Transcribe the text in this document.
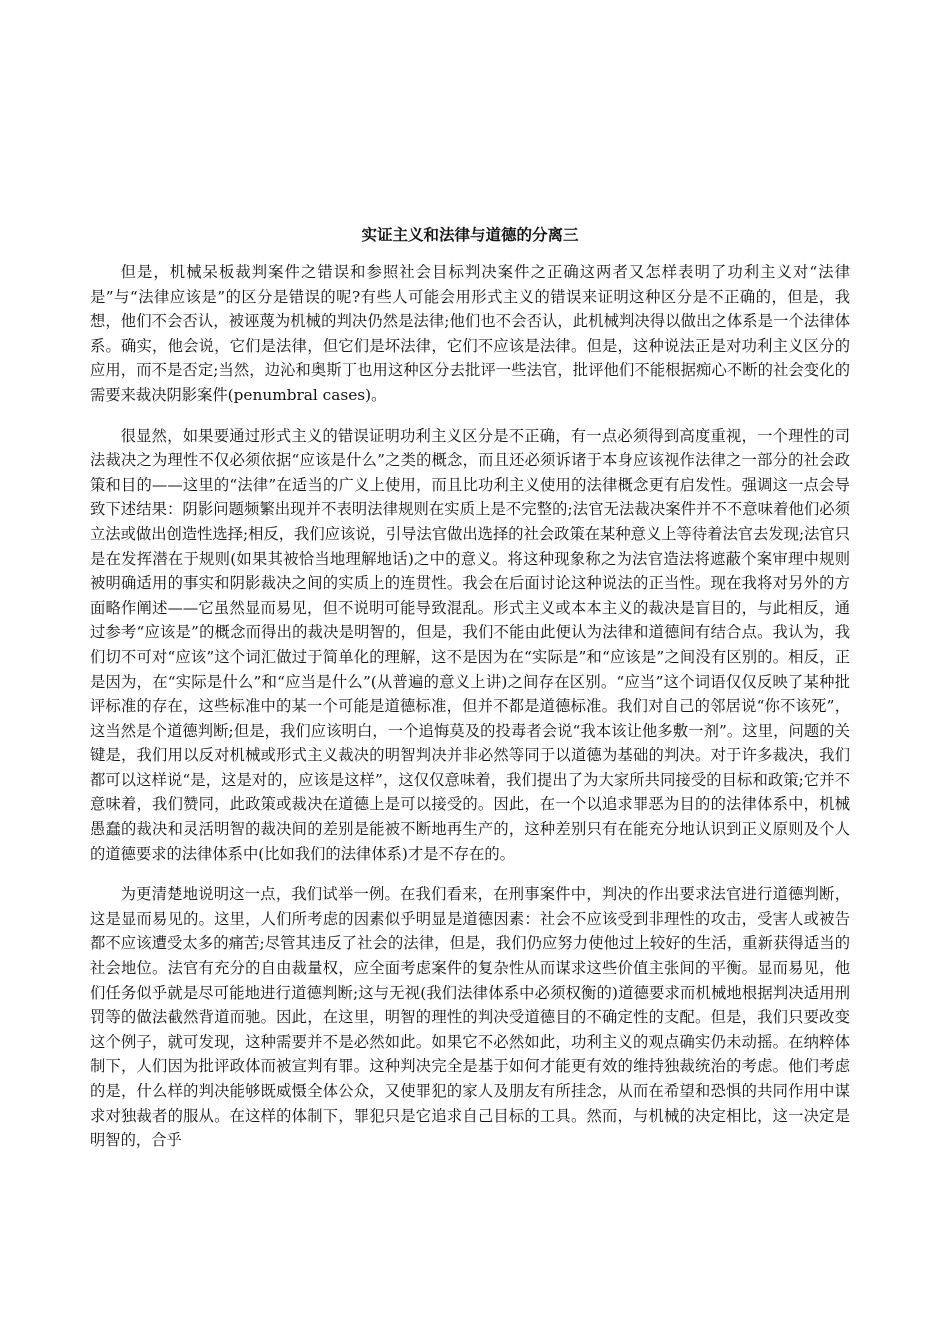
实证主义和法律与道德的分离三

但是，机械呆板裁判案件之错误和参照社会目标判决案件之正确这两者又怎样表明了功利主义对“法律是”与“法律应该是”的区分是错误的呢?有些人可能会用形式主义的错误来证明这种区分是不正确的，但是，我想，他们不会否认，被诬蔑为机械的判决仍然是法律;他们也不会否认，此机械判决得以做出之体系是一个法律体系。确实，他会说，它们是法律，但它们是坏法律，它们不应该是法律。但是，这种说法正是对功利主义区分的应用，而不是否定;当然，边沁和奥斯丁也用这种区分去批评一些法官，批评他们不能根据痴心不断的社会变化的需要来裁决阴影案件(penumbral cases)。

很显然，如果要通过形式主义的错误证明功利主义区分是不正确，有一点必须得到高度重视，一个理性的司法裁决之为理性不仅必须依据“应该是什么”之类的概念，而且还必须诉诸于本身应该视作法律之一部分的社会政策和目的——这里的“法律”在适当的广义上使用，而且比功利主义使用的法律概念更有启发性。强调这一点会导致下述结果：阴影问题频繁出现并不表明法律规则在实质上是不完整的;法官无法裁决案件并不不意味着他们必须立法或做出创造性选择;相反，我们应该说，引导法官做出选择的社会政策在某种意义上等待着法官去发现;法官只是在发挥潜在于规则(如果其被恰当地理解地话)之中的意义。将这种现象称之为法官造法将遮蔽个案审理中规则被明确适用的事实和阴影裁决之间的实质上的连贯性。我会在后面讨论这种说法的正当性。现在我将对另外的方面略作阐述——它虽然显而易见，但不说明可能导致混乱。形式主义或本本主义的裁决是盲目的，与此相反，通过参考“应该是”的概念而得出的裁决是明智的，但是，我们不能由此便认为法律和道德间有结合点。我认为，我们切不可对“应该”这个词汇做过于简单化的理解，这不是因为在“实际是”和“应该是”之间没有区别的。相反，正是因为，在“实际是什么”和“应当是什么”(从普遍的意义上讲)之间存在区别。“应当”这个词语仅仅反映了某种批评标准的存在，这些标准中的某一个可能是道德标准，但并不都是道德标准。我们对自己的邻居说“你不该死”，这当然是个道德判断;但是，我们应该明白，一个追悔莫及的投毒者会说“我本该让他多敷一剂”。这里，问题的关键是，我们用以反对机械或形式主义裁决的明智判决并非必然等同于以道德为基础的判决。对于许多裁决，我们都可以这样说“是，这是对的，应该是这样”，这仅仅意味着，我们提出了为大家所共同接受的目标和政策;它并不意味着，我们赞同，此政策或裁决在道德上是可以接受的。因此，在一个以追求罪恶为目的的法律体系中，机械愚蠢的裁决和灵活明智的裁决间的差别是能被不断地再生产的，这种差别只有在能充分地认识到正义原则及个人的道德要求的法律体系中(比如我们的法律体系)才是不存在的。

为更清楚地说明这一点，我们试举一例。在我们看来，在刑事案件中，判决的作出要求法官进行道德判断，这是显而易见的。这里，人们所考虑的因素似乎明显是道德因素：社会不应该受到非理性的攻击，受害人或被告都不应该遭受太多的痛苦;尽管其违反了社会的法律，但是，我们仍应努力使他过上较好的生活，重新获得适当的社会地位。法官有充分的自由裁量权，应全面考虑案件的复杂性从而谋求这些价值主张间的平衡。显而易见，他们任务似乎就是尽可能地进行道德判断;这与无视(我们法律体系中必须权衡的)道德要求而机械地根据判决适用刑罚等的做法截然背道而驰。因此，在这里，明智的理性的判决受道德目的不确定性的支配。但是，我们只要改变这个例子，就可发现，这种需要并不是必然如此。如果它不必然如此，功利主义的观点确实仍未动摇。在纳粹体制下，人们因为批评政体而被宣判有罪。这种判决完全是基于如何才能更有效的维持独裁统治的考虑。他们考虑的是，什么样的判决能够既威慑全体公众，又使罪犯的家人及朋友有所挂念，从而在希望和恐惧的共同作用中谋求对独裁者的服从。在这样的体制下，罪犯只是它追求自己目标的工具。然而，与机械的决定相比，这一决定是明智的，合乎
